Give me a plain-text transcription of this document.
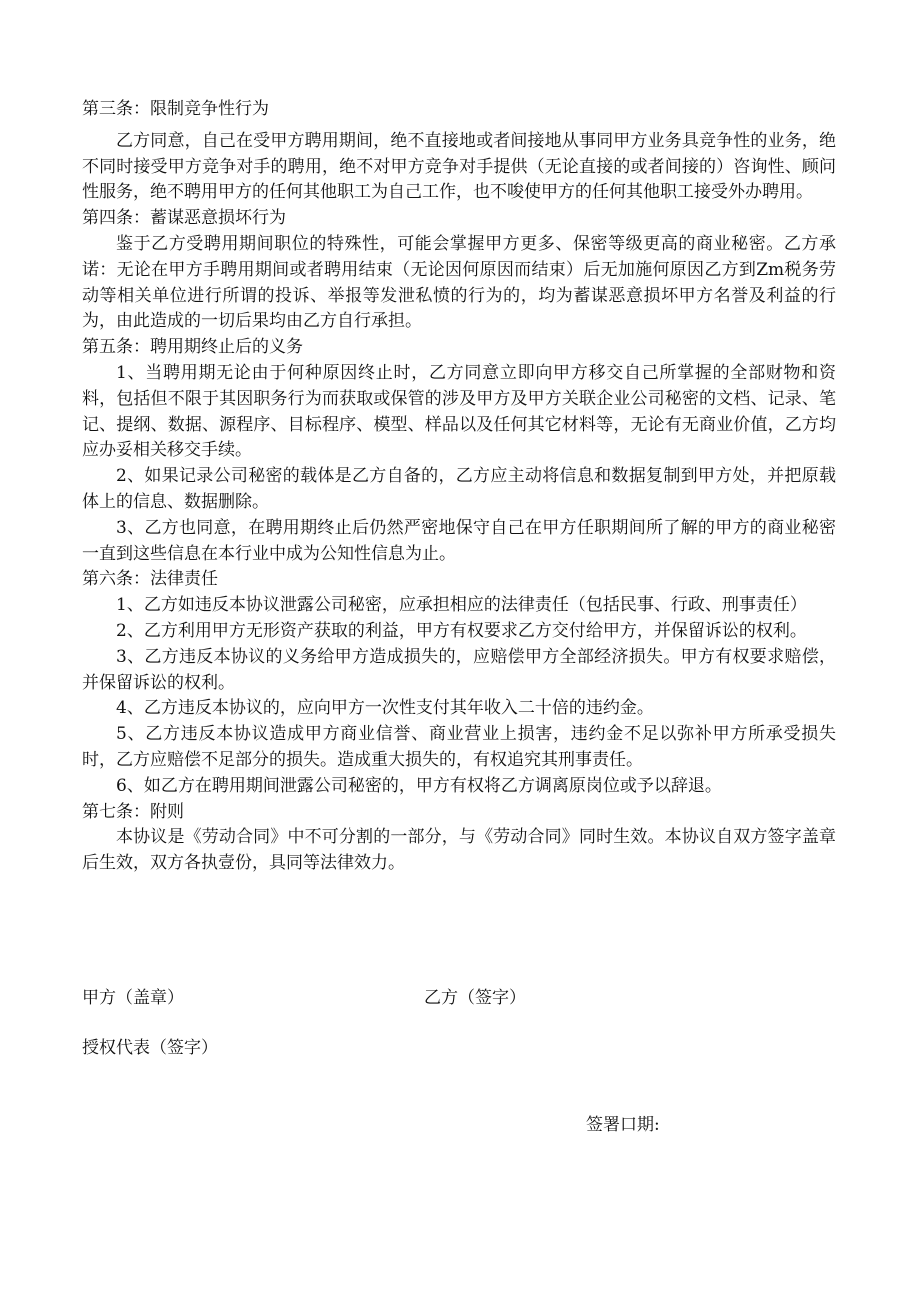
第三条：限制竞争性行为

乙方同意，自己在受甲方聘用期间，绝不直接地或者间接地从事同甲方业务具竞争性的业务，绝不同时接受甲方竞争对手的聘用，绝不对甲方竞争对手提供（无论直接的或者间接的）咨询性、顾问性服务，绝不聘用甲方的任何其他职工为自己工作，也不唆使甲方的任何其他职工接受外办聘用。

第四条：蓄谋恶意损坏行为

鉴于乙方受聘用期间职位的特殊性，可能会掌握甲方更多、保密等级更高的商业秘密。乙方承诺：无论在甲方手聘用期间或者聘用结束（无论因何原因而结束）后无加施何原因乙方到Zm税务劳动等相关单位进行所谓的投诉、举报等发泄私愤的行为的，均为蓄谋恶意损坏甲方名誉及利益的行为，由此造成的一切后果均由乙方自行承担。

第五条：聘用期终止后的义务

1、当聘用期无论由于何种原因终止时，乙方同意立即向甲方移交自己所掌握的全部财物和资料，包括但不限于其因职务行为而获取或保管的涉及甲方及甲方关联企业公司秘密的文档、记录、笔记、提纲、数据、源程序、目标程序、模型、样品以及任何其它材料等，无论有无商业价值，乙方均应办妥相关移交手续。

2、如果记录公司秘密的载体是乙方自备的，乙方应主动将信息和数据复制到甲方处，并把原载体上的信息、数据删除。

3、乙方也同意，在聘用期终止后仍然严密地保守自己在甲方任职期间所了解的甲方的商业秘密一直到这些信息在本行业中成为公知性信息为止。

第六条：法律责任

1、乙方如违反本协议泄露公司秘密，应承担相应的法律责任（包括民事、行政、刑事责任）

2、乙方利用甲方无形资产获取的利益，甲方有权要求乙方交付给甲方，并保留诉讼的权利。

3、乙方违反本协议的义务给甲方造成损失的，应赔偿甲方全部经济损失。甲方有权要求赔偿，并保留诉讼的权利。

4、乙方违反本协议的，应向甲方一次性支付其年收入二十倍的违约金。

5、乙方违反本协议造成甲方商业信誉、商业营业上损害，违约金不足以弥补甲方所承受损失时，乙方应赔偿不足部分的损失。造成重大损失的，有权追究其刑事责任。

6、如乙方在聘用期间泄露公司秘密的，甲方有权将乙方调离原岗位或予以辞退。

第七条：附则

本协议是《劳动合同》中不可分割的一部分，与《劳动合同》同时生效。本协议自双方签字盖章后生效，双方各执壹份，具同等法律效力。

甲方（盖章）	乙方（签字）
授权代表（签字）
签署口期:
